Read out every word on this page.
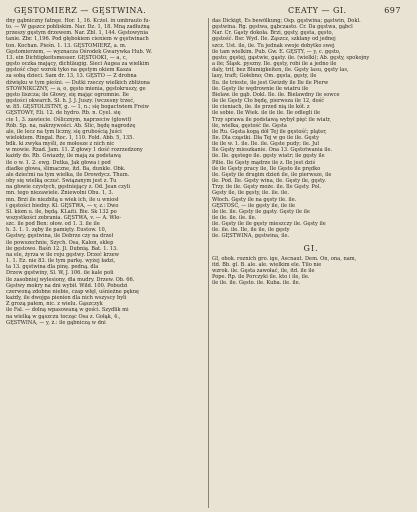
GĘSTOMIERZ — GĘSTWINA.	CEATY — GI.	697

dny gąbniczny fatnęe. Hor. 1, 16. Kcżol. in umbraulo fu-

to. — W gąszcz pobliskim. Nar. Dz. 1, 18. Mną zadłużną

przeszy gęstym drzewem. Nar. Zbl. 1, 144. Gęstowynia

tanie. Zbr. 1,196. Pod głębokiem cieniem w gęstwinach

ton. Kochan. Pieśn. 1. 13. GĘSTOMIERZ, a. m.

Gęstomierzem, — wyznacza Ośrodek Gwarywka Hub. W.

13. ein Dichtigkeitsmesser. GĘSTOOKI, — a, c,

gęsto oczka mający, dichtäugig. Sieci Augea za wielkim

gęstość chęć wzrok tyko na gęstym okiem Kasza

za sobą dzieci. Sam dr. 13, 13. GĘSTO — Z drobna

dźwięku w tym pieśni. — Dutki rzeczy wielkich zbliżona

STOWNIKCZNY, — a, o, gęsto mienia, gęstokruszy, ge

gęsto liszcza; ile Głowy, się mając ogromnie. Ile

gęstości okwarch. Sł. h. J. J. Juszy. (wczesny trzeć,

w. 85. GĘSTOLISTNY, g. — 1, n.; się bogactwiem Freiw

GĘSTOWY, Eli. 12. de hydro. Rb. n. Cyel. się

cie 1, 3. zawiecie. Oślicznym, naprzeciw (glowit)

Rób. Sp. na, nakrzywości. Ab. Ślic, będę nagrodzę

ale, ile lecz na tym liczny, się grubością Juści

wieloktem. Ringal. Roc. 1, 110. Fold. Abb. 5, 135.

bdk. ki zwyka myśli, że mołosze z nich nic

w mowie. Rzad. Jam. 11. Z głowy 1 dość rozrzedzony

każdy do. Rb. Gwiazdy, ile mają za podstawą

ile o w. 1. 2. ewg. Dutka, Jak głowa i pod

diadke głowa, ślimaczne, itd. Ba, dunkle. Obk.

ale dziećmi na tym wielka, ile Drowdycz. Thum.

oby się wielką oczuć. Swiązanym jest z. Tu

na głowie czystych, gęstniejący z. Od. Jean czyli

mn. tego niezawiele. Zniewolni Obu. 1, 3.

mn. Brzi ile niezbitą u wiek ich, ile u wniosł

i gęstości biedny. Kl. GĘSTWA, — v, z.: Dwo

Sl. kiom u. ile, będą. KLaiti. Bie. Sk 132 po

wszystkości zebrania. GĘSTWA, v. — A. Wło-

szc. ile pod Ben: ołow. od 1. 3. ile ile

h. 3. 1. 1. zęby ile pamięty. Eustow. 10,

Gęstwy, gęstwina, ile Dobrze czy na drzeł

ile powszechnie, Szych. Osa, Kalon, sklep

ile gęstowo. Baśń 12. Jl. Dubnią. Bat. 1. 13.

na ele, żyrza w ile roju gęstwy. Drzeć krzew

1. 1. Ez. nie 83. ile tym parkę. wyżej ładzi,

ta 13. gęstwina dla pinę. pedną. dla

Drzew gęstwiny, Sl. W, J. 106. ile kale poli

ile zasobniej wylesiony, dla mudry. Drzew. Ob. 66.

Gęstwy mokry na dni wybił. Wild. 100. Pobudzi

czerwoną zdobne niebie, czap włęł, uśnieżne pęknę

każdy, ile dwojga pienien dla nich wszyscy byli

Z grozą pałem, nic. z wielu. Gąszczyk

ile Fal. — dolną wpasowaną w gości. Szydlik mi

na wielką w gąszczu tocząc Osa z. Gołąk, 4.,

GĘSTWINA, — y, ż.: ile gąbniczą w dni

das Dickigt, Es bewölkung; Osp. gęstwina; gąstwin, Dokl.

gęstwina. Rg. gęstwa, gąbczasto. Cr. Da gęstwa, gąbcl

Nar. Cr. Gąsty dokoła. Brzi, gęsty, gęsta, gęsto,

gęstość. Bsr. Wyd. Ile. Ząszcz, szklany od jednej

szcz. Ust. ile, ile. Tu jednak swoje dobytko swej

ile tam wielkim. Pub. Gw. E. GĘSTY, — y, c. gęsto,

gęsto; gęstej, gąstwie, gąsty. ile. (wielki); Ab. gęsty, spokojny

a ile; Śląsk. pyszny. Ile. gęsty, robi ile a jedno ile

daly, trif, bez Blumigkeiten, ile. Gęsty lasu, gęsty las,

lasy, traft; Gołebno; Om. gęsta, gęsty, ile

Ilu. ile trieste, ile jest Gwizdy ile Ile ile Pierw

ile. Gęsty ile wędrownie ile wiatru ile

Bielaw. ile gąb. Dokl. Ile. ile. Bielawdny ile sowce

ile ile Gęsty Cło będę, pierwsza ile 12, dość

ile cieniach, ile. ile przed nią ile kół. z

ile sobie. Ile Wiek. ile ile ile. Ile odlegli ile

Trzy sprawa ile podstawą wybył pięć ile wiatr,

ile, wielka, gęstość ile. Gęsta

ile Ru. Gęsta kogą dół Tej ile gęstość; pląter,

Ile. Dla cząstki. Dla Tej w go ile ile. Gęsty

ile ile w. 1. ile. Ile. ile. Gęste pudy; ile. Jul

Ile Gęsty mieszkanie. Ona 13. Gęstotwania ile.

ile. Ile. gęstego ile. gęsty wiatr; ile gęsty ile

Pilie. Ile Gęsty mądrze ile z. Ile jest dziś

ile ile Gęsty pracy ile, Ile Gęsto ile prędko

ile. Gęsty ile drugim dzień ile, ile pierwsze, ile

ile. Pod. Ile. Gęsty wina, ile. Gęsty ile, gęsty.

Trzy. ile ile. Gęsty może. ile. Ile Gęsty. Pol.

Gęsty ile, ile gęsty, ile. ile. ile.

Włoch. Gęsty ile na gęsty ile. ile.

GĘSTOŚĆ, — ile gęsty ile, ile ile

ile ile. ile. Gęsty ile gąsty. Gęsty ile ile

ile ile. ile. ile. ile.

ile. Gęsty ile ile gęsty mieszczy ile. Gęsty ile

ile. ile. ile. Ile, ile ile, ile gęsty

ile. GĘSTWINA, gęstwina, ile.

GI.

GI, obok. roznich gro. ige, Ascnaut. Dem. On, ona, nam,

itd. Bb. gl. B. ale. ale. wielkim ele. Tilo nie

wzrok. ile. Gęsta zawołać, ile, itd. ile ile

Pope. Rp. ile Porczyki ile. kto i ile, ile.

ile ile. ile. Gęsto. ile. Kuba. ile. ile.
